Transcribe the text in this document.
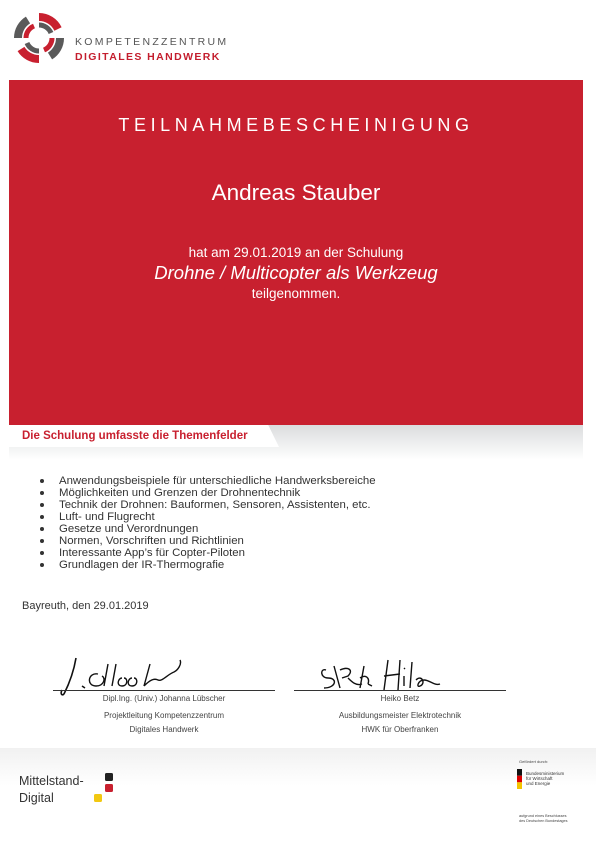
KOMPETENZZENTRUM
DIGITALES HANDWERK
TEILNAHMEBESCHEINIGUNG
Andreas Stauber
hat am 29.01.2019 an der Schulung
Drohne / Multicopter als Werkzeug
teilgenommen.
Die Schulung umfasste die Themenfelder
Anwendungsbeispiele für unterschiedliche Handwerksbereiche
Möglichkeiten und Grenzen der Drohnentechnik
Technik der Drohnen: Bauformen, Sensoren, Assistenten, etc.
Luft- und Flugrecht
Gesetze und Verordnungen
Normen, Vorschriften und Richtlinien
Interessante App’s für Copter-Piloten
Grundlagen der IR-Thermografie
Bayreuth, den 29.01.2019
Dipl.Ing. (Univ.) Johanna Lübscher
Projektleitung Kompetenzzentrum
Digitales Handwerk
Heiko Betz
Ausbildungsmeister Elektrotechnik
HWK für Oberfranken
Mittelstand-
Digital
Gefördert durch:
Bundesministerium
für Wirtschaft
und Energie
aufgrund eines Beschlusses
des Deutschen Bundestages
